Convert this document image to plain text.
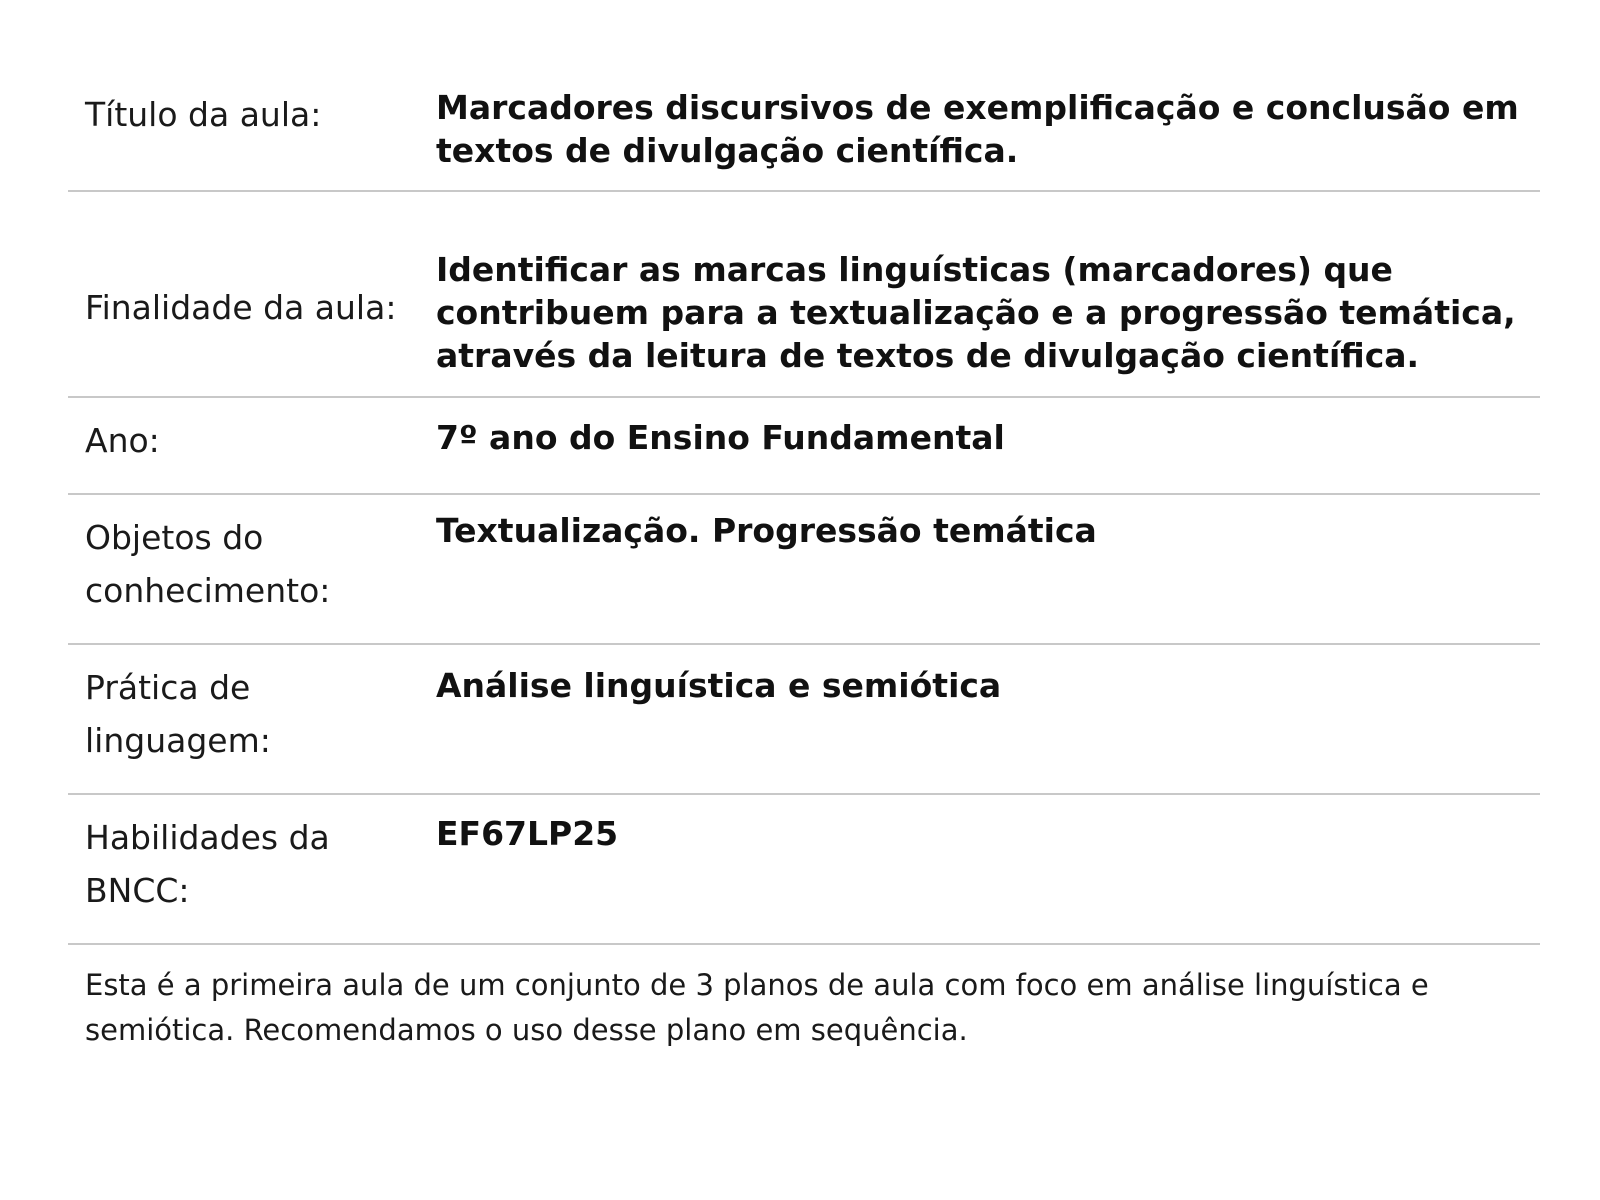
Título da aula:	Marcadores discursivos de exemplificação e conclusão em
textos de divulgação científica.
Finalidade da aula:
Identificar as marcas linguísticas (marcadores) que
contribuem para a textualização e a progressão temática,
através da leitura de textos de divulgação científica.
Ano:	7º ano do Ensino Fundamental
Objetos do
conhecimento:
Textualização. Progressão temática
Prática de
linguagem:
Análise linguística e semiótica
Habilidades da
BNCC:
EF67LP25
Esta é a primeira aula de um conjunto de 3 planos de aula com foco em análise linguística e
semiótica. Recomendamos o uso desse plano em sequência.
